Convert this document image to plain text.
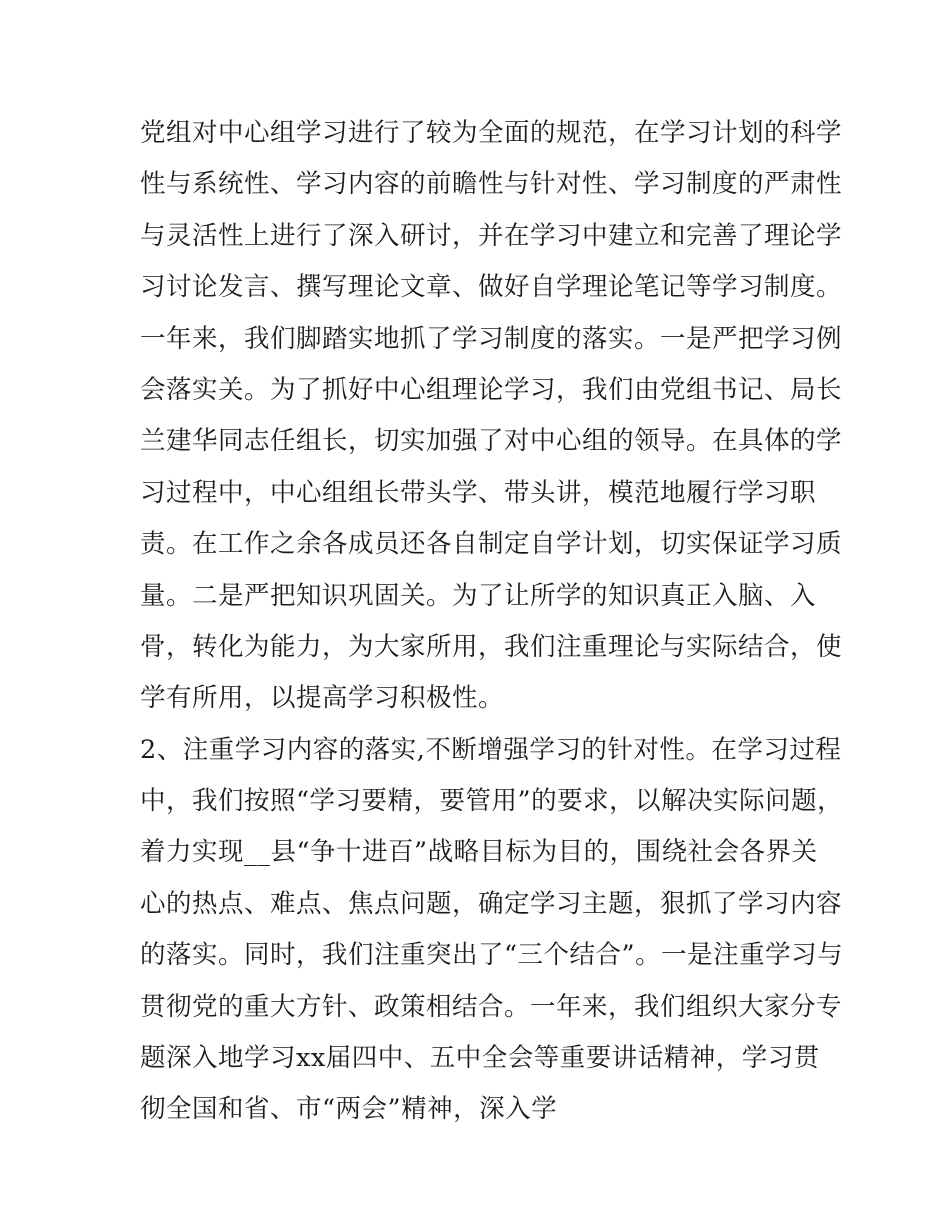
党组对中心组学习进行了较为全面的规范，在学习计划的科学
性与系统性、学习内容的前瞻性与针对性、学习制度的严肃性
与灵活性上进行了深入研讨，并在学习中建立和完善了理论学
习讨论发言、撰写理论文章、做好自学理论笔记等学习制度。
一年来，我们脚踏实地抓了学习制度的落实。一是严把学习例
会落实关。为了抓好中心组理论学习，我们由党组书记、局长
兰建华同志任组长，切实加强了对中心组的领导。在具体的学
习过程中，中心组组长带头学、带头讲，模范地履行学习职
责。在工作之余各成员还各自制定自学计划，切实保证学习质
量。二是严把知识巩固关。为了让所学的知识真正入脑、入
骨，转化为能力，为大家所用，我们注重理论与实际结合，使
学有所用，以提高学习积极性。
2、注重学习内容的落实,不断增强学习的针对性。在学习过程
中，我们按照“学习要精，要管用”的要求，以解决实际问题，
着力实现__县“争十进百”战略目标为目的，围绕社会各界关
心的热点、难点、焦点问题，确定学习主题，狠抓了学习内容
的落实。同时，我们注重突出了“三个结合”。一是注重学习与
贯彻党的重大方针、政策相结合。一年来，我们组织大家分专
题深入地学习xx届四中、五中全会等重要讲话精神，学习贯
彻全国和省、市“两会”精神，深入学
